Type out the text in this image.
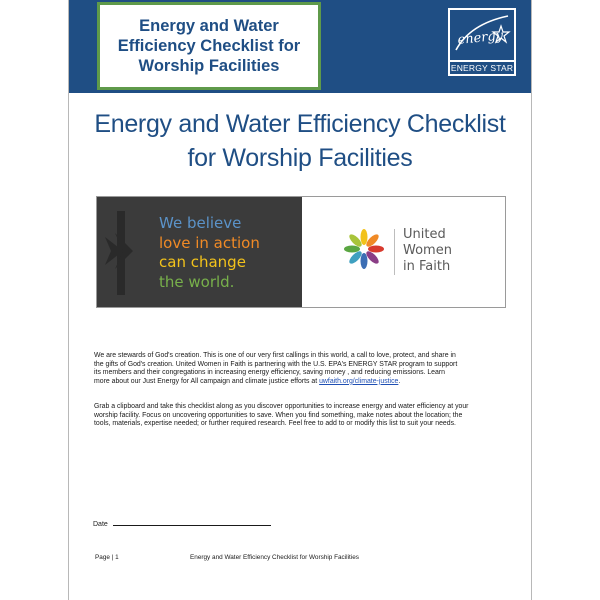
Energy and Water
Efficiency Checklist for
Worship Facilities
energy
ENERGY STAR
Energy and Water Efficiency Checklist
for Worship Facilities
We believe
love in action
can change
the world.
United
Women
in Faith
We are stewards of God's creation. This is one of our very first callings in this world, a call to love, protect, and share in
the gifts of God's creation. United Women in Faith is partnering with the U.S. EPA's ENERGY STAR program to support
its members and their congregations in increasing energy efficiency, saving money , and reducing emissions. Learn
more about our Just Energy for All campaign and climate justice efforts at uwfaith.org/climate-justice.
Grab a clipboard and take this checklist along as you discover opportunities to increase energy and water efficiency at your
worship facility. Focus on uncovering opportunities to save. When you find something, make notes about the location; the
tools, materials, expertise needed; or further required research. Feel free to add to or modify this list to suit your needs.
Date
Page | 1	Energy and Water Efficiency Checklist for Worship Facilities
